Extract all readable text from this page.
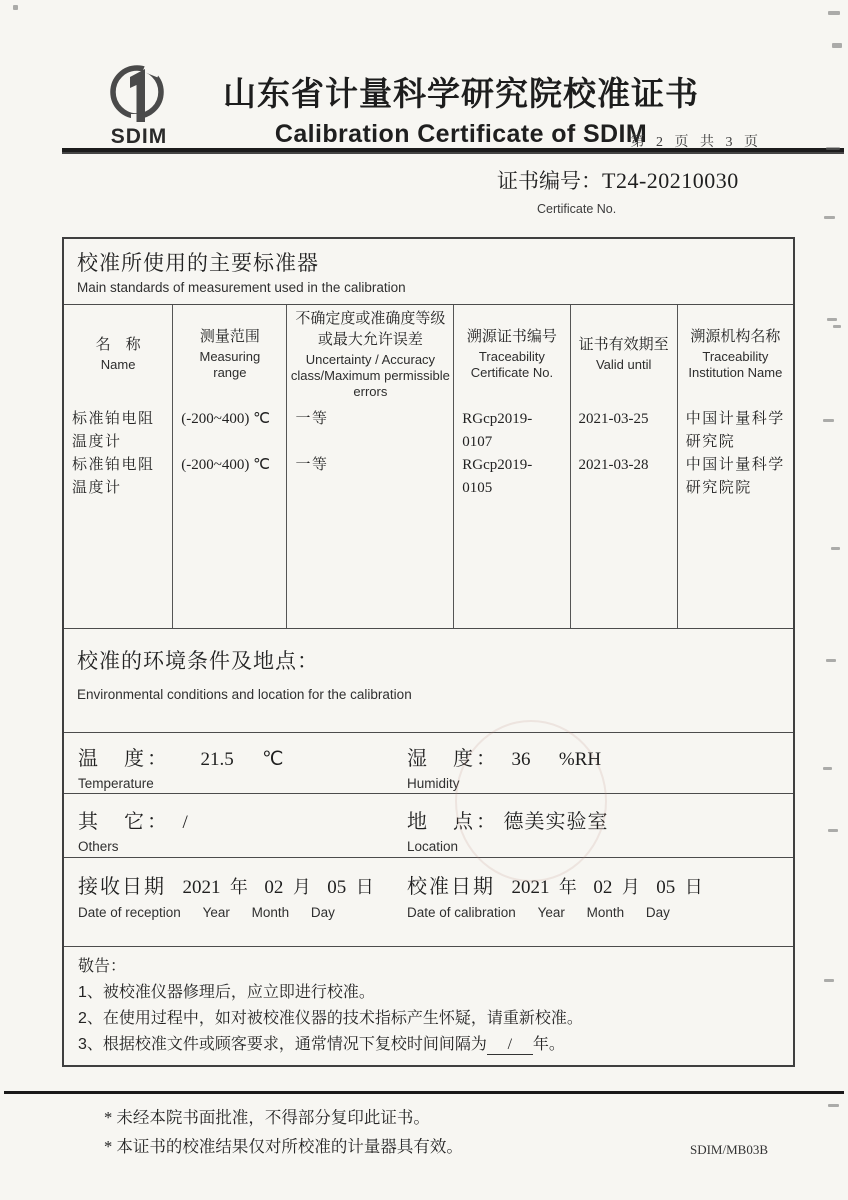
SDIM
山东省计量科学研究院校准证书
Calibration Certificate of SDIM
第 2 页 共 3 页
证书编号：T24-20210030
Certificate No.
校准所使用的主要标准器
Main standards of measurement used in the calibration
名　称
Name
测量范围
Measuring range
不确定度或准确度等级或最大允许误差
Uncertainty / Accuracy class/Maximum permissible errors
溯源证书编号
Traceability Certificate No.
证书有效期至
Valid until
溯源机构名称
Traceability Institution Name
标准铂电阻温度计
标准铂电阻温度计
(-200~400) ℃
(-200~400) ℃
一等
一等
RGcp2019-0107
RGcp2019-0105
2021-03-25
2021-03-28
中国计量科学研究院
中国计量科学研究院院
校准的环境条件及地点：
Environmental conditions and location for the calibration
温　度： 21.5 ℃
Temperature
湿　度： 36 %RH
Humidity
其　它： /
Others
地　点： 德美实验室
Location
接收日期 2021 年 02 月 05 日
Date of reception Year Month Day
校准日期 2021 年 02 月 05 日
Date of calibration Year Month Day
敬告：
1、被校准仪器修理后，应立即进行校准。
2、在使用过程中，如对被校准仪器的技术指标产生怀疑，请重新校准。
3、根据校准文件或顾客要求，通常情况下复校时间间隔为 / 年。
* 未经本院书面批准，不得部分复印此证书。
* 本证书的校准结果仅对所校准的计量器具有效。	SDIM/MB03B
